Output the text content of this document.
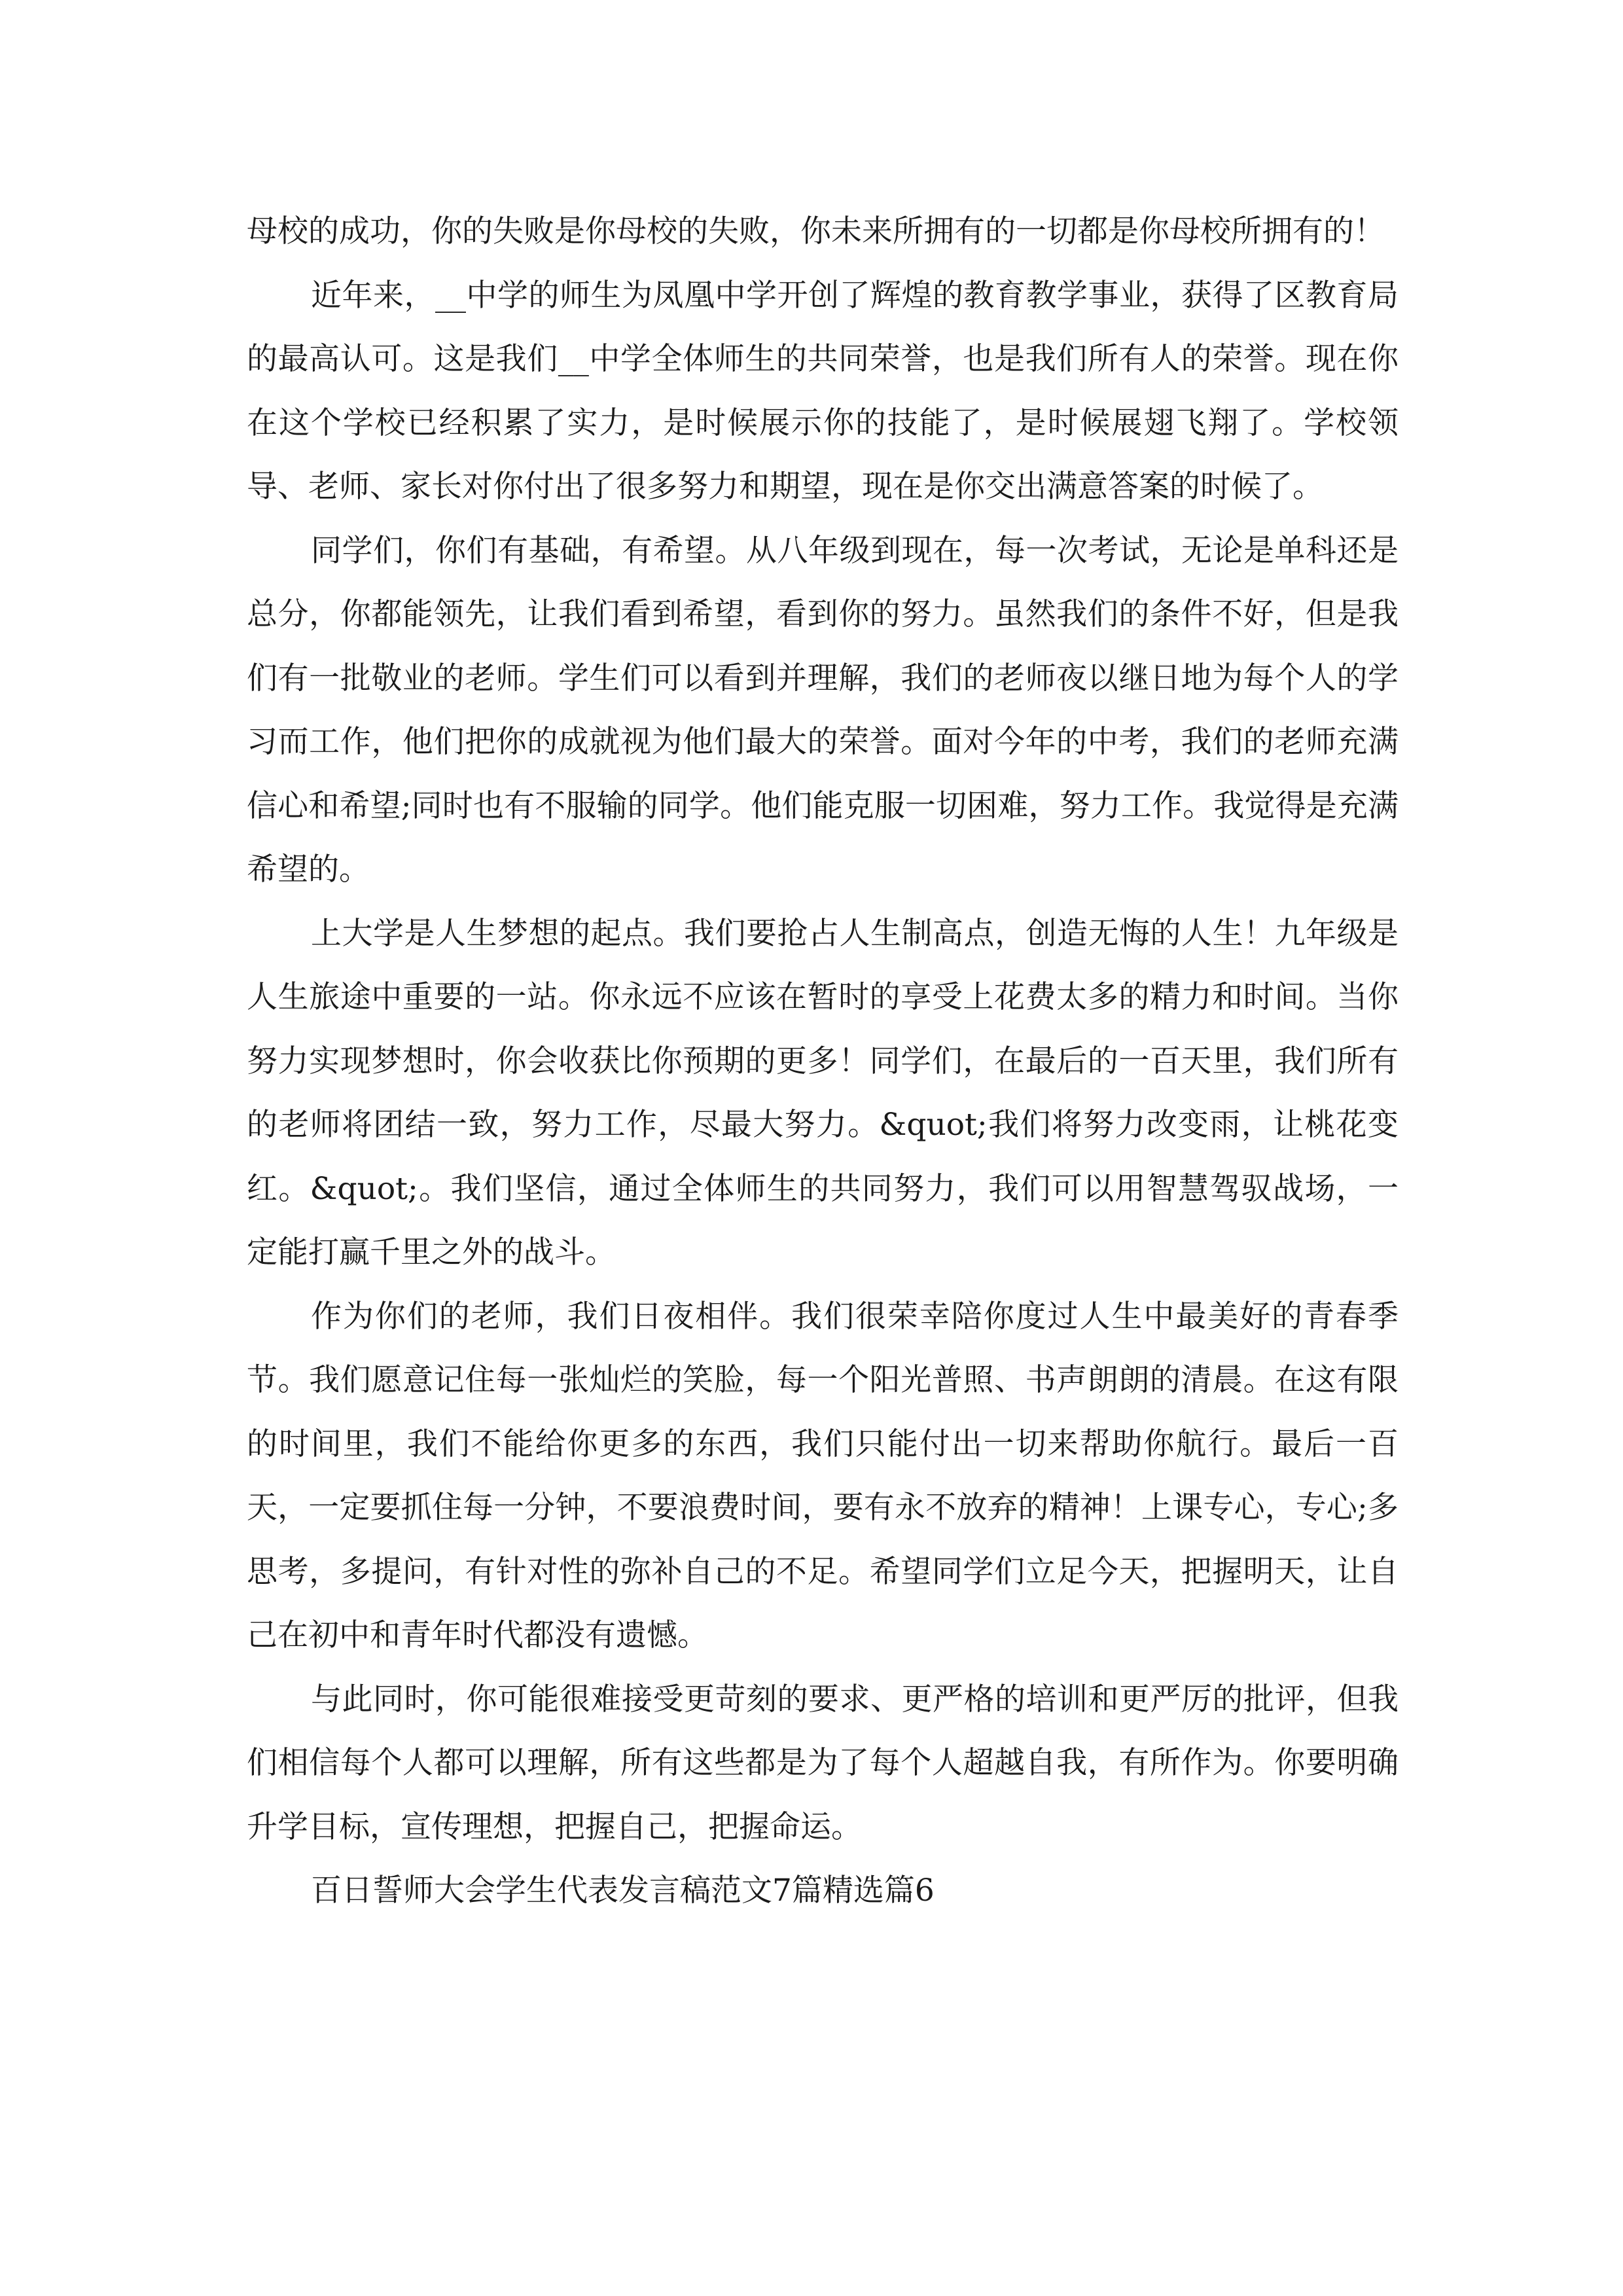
母校的成功，你的失败是你母校的失败，你未来所拥有的一切都是你母校所拥有的！

近年来，__中学的师生为凤凰中学开创了辉煌的教育教学事业，获得了区教育局的最高认可。这是我们__中学全体师生的共同荣誉，也是我们所有人的荣誉。现在你在这个学校已经积累了实力，是时候展示你的技能了，是时候展翅飞翔了。学校领导、老师、家长对你付出了很多努力和期望，现在是你交出满意答案的时候了。

同学们，你们有基础，有希望。从八年级到现在，每一次考试，无论是单科还是总分，你都能领先，让我们看到希望，看到你的努力。虽然我们的条件不好，但是我们有一批敬业的老师。学生们可以看到并理解，我们的老师夜以继日地为每个人的学习而工作，他们把你的成就视为他们最大的荣誉。面对今年的中考，我们的老师充满信心和希望;同时也有不服输的同学。他们能克服一切困难，努力工作。我觉得是充满希望的。

上大学是人生梦想的起点。我们要抢占人生制高点，创造无悔的人生！九年级是人生旅途中重要的一站。你永远不应该在暂时的享受上花费太多的精力和时间。当你努力实现梦想时，你会收获比你预期的更多！同学们，在最后的一百天里，我们所有的老师将团结一致，努力工作，尽最大努力。&quot;我们将努力改变雨，让桃花变红。&quot;。我们坚信，通过全体师生的共同努力，我们可以用智慧驾驭战场，一定能打赢千里之外的战斗。

作为你们的老师，我们日夜相伴。我们很荣幸陪你度过人生中最美好的青春季节。我们愿意记住每一张灿烂的笑脸，每一个阳光普照、书声朗朗的清晨。在这有限的时间里，我们不能给你更多的东西，我们只能付出一切来帮助你航行。最后一百天，一定要抓住每一分钟，不要浪费时间，要有永不放弃的精神！上课专心，专心;多思考，多提问，有针对性的弥补自己的不足。希望同学们立足今天，把握明天，让自己在初中和青年时代都没有遗憾。

与此同时，你可能很难接受更苛刻的要求、更严格的培训和更严厉的批评，但我们相信每个人都可以理解，所有这些都是为了每个人超越自我，有所作为。你要明确升学目标，宣传理想，把握自己，把握命运。

百日誓师大会学生代表发言稿范文7篇精选篇6
